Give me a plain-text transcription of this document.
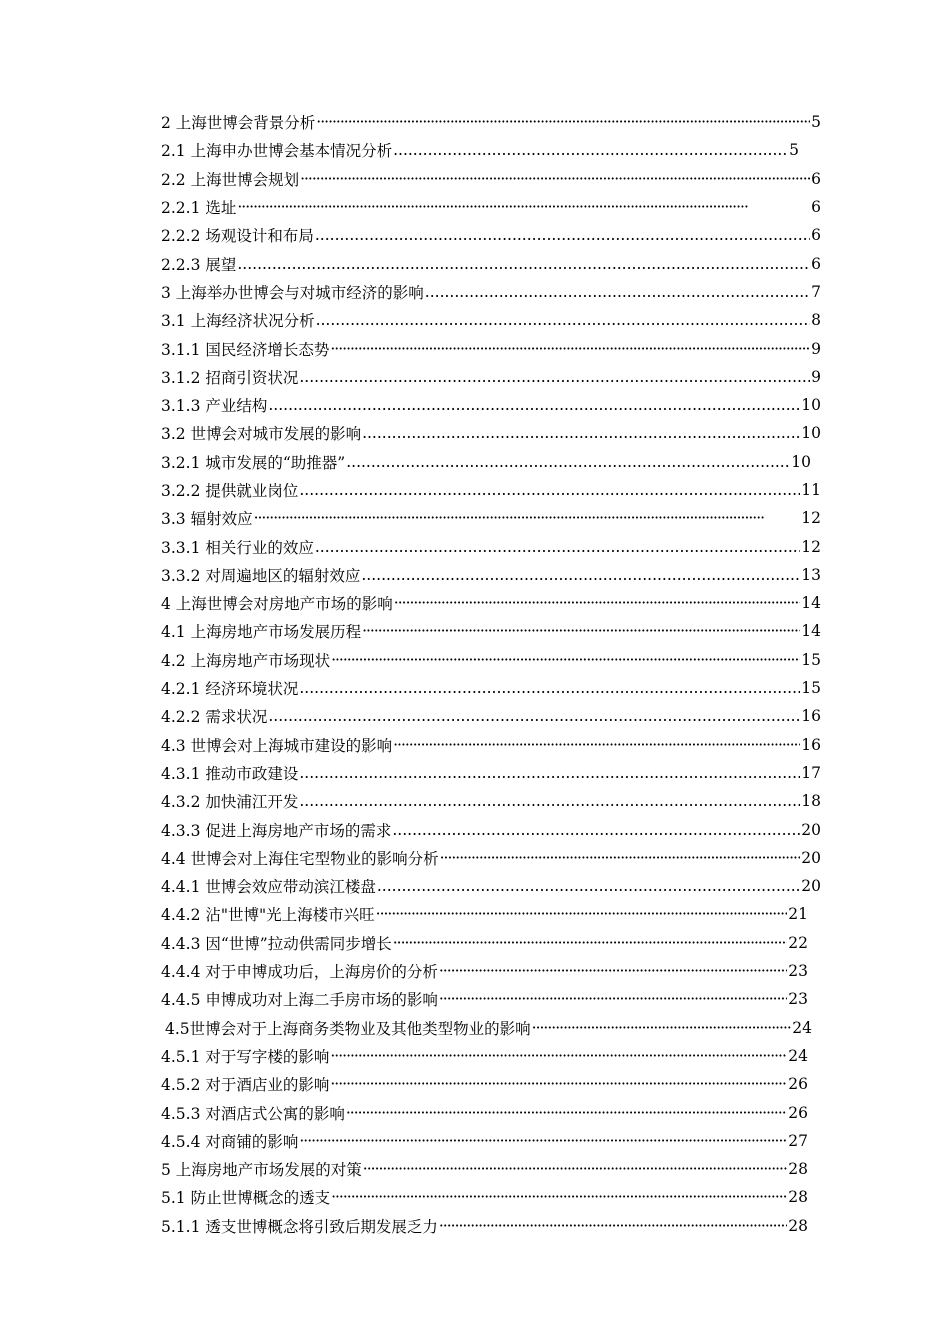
2 上海世博会背景分析 ·····	5
2.1 上海申办世博会基本情况分析 .....	5
2.2 上海世博会规划 ·····	6
2.2.1 选址 ·····	6
2.2.2 场观设计和布局 .....	6
2.2.3 展望 .....	6
3 上海举办世博会与对城市经济的影响 .....	7
3.1 上海经济状况分析 .....	8
3.1.1 国民经济增长态势 ·····	9
3.1.2 招商引资状况 .....	9
3.1.3 产业结构 .....	10
3.2 世博会对城市发展的影响 .....	10
3.2.1 城市发展的“助推器” .....	10
3.2.2 提供就业岗位 .....	11
3.3 辐射效应 ·····	12
3.3.1 相关行业的效应 .....	12
3.3.2 对周遍地区的辐射效应 .....	13
4 上海世博会对房地产市场的影响 ·····	14
4.1 上海房地产市场发展历程 ·····	14
4.2 上海房地产市场现状 ·····	15
4.2.1 经济环境状况 .....	15
4.2.2 需求状况 .....	16
4.3 世博会对上海城市建设的影响 ·····	16
4.3.1 推动市政建设 .....	17
4.3.2 加快浦江开发 .....	18
4.3.3 促进上海房地产市场的需求 .....	20
4.4 世博会对上海住宅型物业的影响分析 ·····	20
4.4.1 世博会效应带动滨江楼盘 .....	20
4.4.2 沾"世博"光上海楼市兴旺 ·····	21
4.4.3 因“世博”拉动供需同步增长 ·····	22
4.4.4 对于申博成功后，上海房价的分析 ·····	23
4.4.5 申博成功对上海二手房市场的影响 ·····	23
4.5世博会对于上海商务类物业及其他类型物业的影响 ·····	24
4.5.1 对于写字楼的影响 ·····	24
4.5.2 对于酒店业的影响 ·····	26
4.5.3 对酒店式公寓的影响 ·····	26
4.5.4 对商铺的影响 ·····	27
5 上海房地产市场发展的对策 ·····	28
5.1 防止世博概念的透支 ·····	28
5.1.1 透支世博概念将引致后期发展乏力 ·····	28
